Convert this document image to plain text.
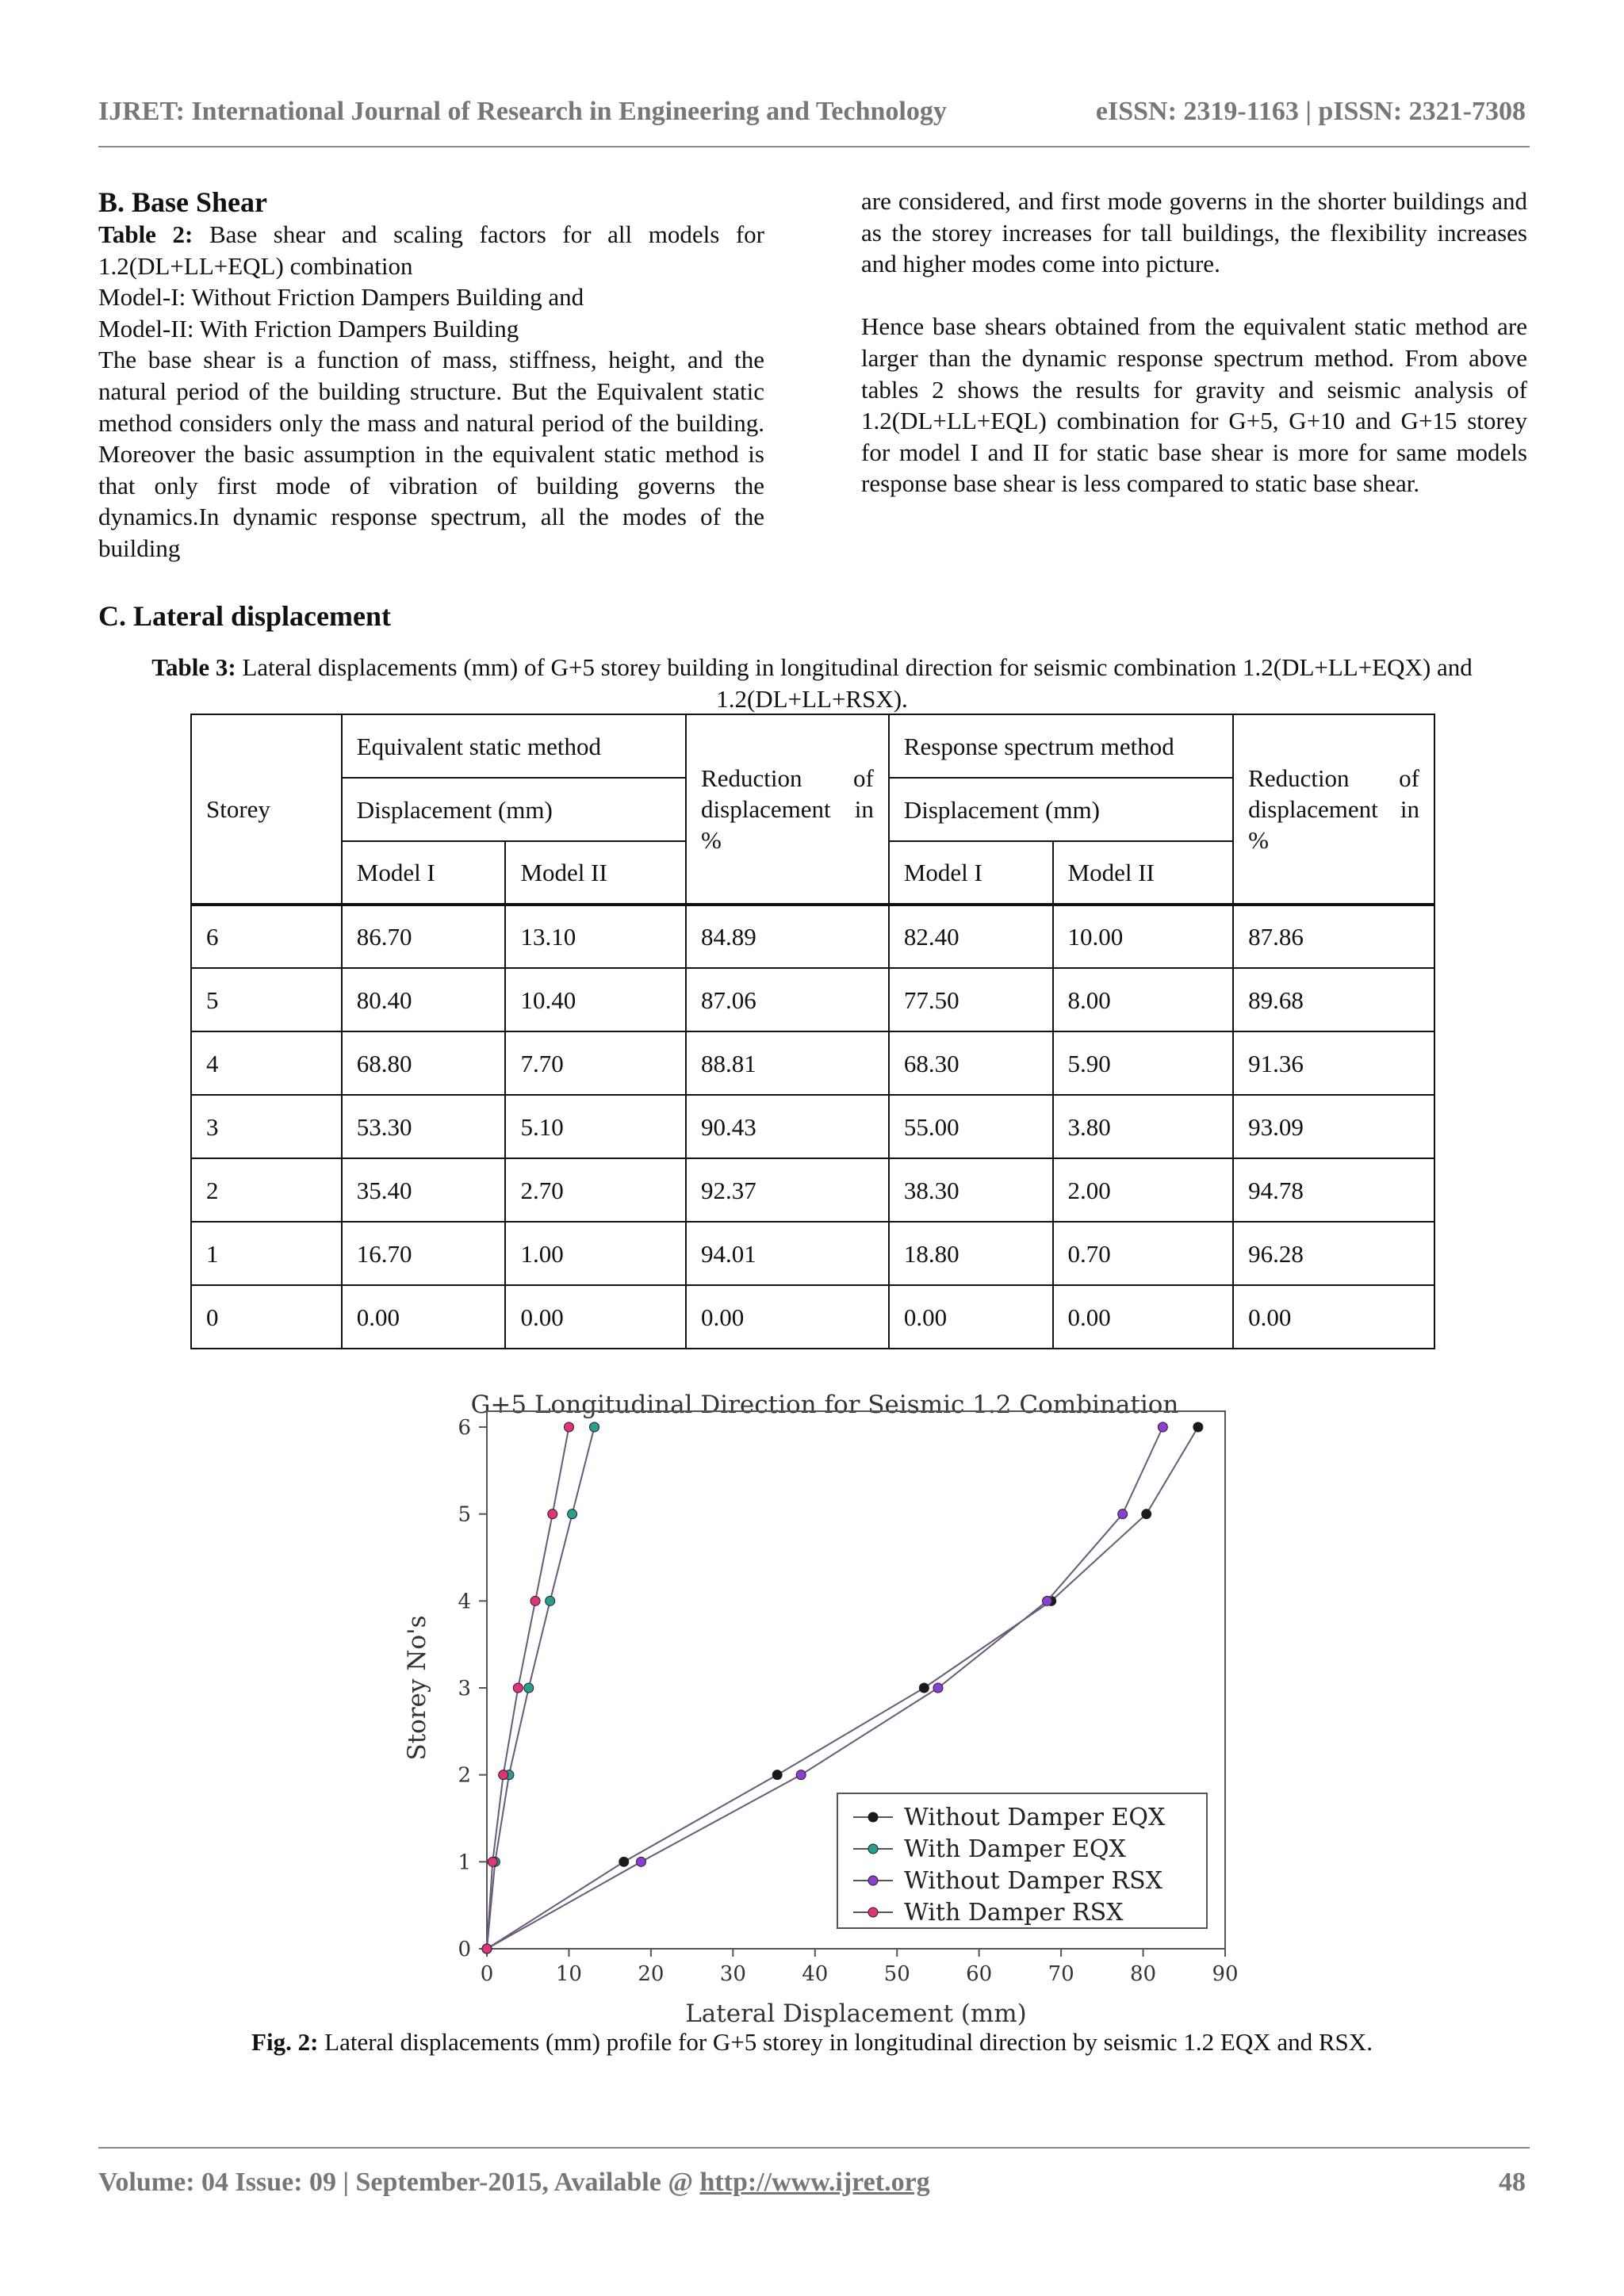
IJRET: International Journal of Research in Engineering and Technology	eISSN: 2319-1163 | pISSN: 2321-7308
B. Base Shear

Table 2: Base shear and scaling factors for all models for 1.2(DL+LL+EQL) combination

Model-I: Without Friction Dampers Building and

Model-II: With Friction Dampers Building

The base shear is a function of mass, stiffness, height, and the natural period of the building structure. But the Equivalent static method considers only the mass and natural period of the building. Moreover the basic assumption in the equivalent static method is that only first mode of vibration of building governs the dynamics.In dynamic response spectrum, all the modes of the building

are considered, and first mode governs in the shorter buildings and as the storey increases for tall buildings, the flexibility increases and higher modes come into picture.

Hence base shears obtained from the equivalent static method are larger than the dynamic response spectrum method. From above tables 2 shows the results for gravity and seismic analysis of 1.2(DL+LL+EQL) combination for G+5, G+10 and G+15 storey for model I and II for static base shear is more for same models response base shear is less compared to static base shear.

C. Lateral displacement
Table 3: Lateral displacements (mm) of G+5 storey building in longitudinal direction for seismic combination 1.2(DL+LL+EQX) and 1.2(DL+LL+RSX).
Storey	Equivalent static method		Reduction of displacement in %	Response spectrum method		Reduction of displacement in %
	Displacement (mm)			Displacement (mm)		
	Model I	Model II		Model I	Model II	
6	86.70	13.10	84.89	82.40	10.00	87.86
5	80.40	10.40	87.06	77.50	8.00	89.68
4	68.80	7.70	88.81	68.30	5.90	91.36
3	53.30	5.10	90.43	55.00	3.80	93.09
2	35.40	2.70	92.37	38.30	2.00	94.78
1	16.70	1.00	94.01	18.80	0.70	96.28
0	0.00	0.00	0.00	0.00	0.00	0.00
G+5 Longitudinal Direction for Seismic 1.2 Combination
0	10	20	30	40	50	60	70	80	90
0
1
2
3
4
5
6
Lateral Displacement (mm)
Storey No's
Without Damper EQX
With Damper EQX
Without Damper RSX
With Damper RSX
Fig. 2: Lateral displacements (mm) profile for G+5 storey in longitudinal direction by seismic 1.2 EQX and RSX.
Volume: 04 Issue: 09 | September-2015, Available @ http://www.ijret.org	48
